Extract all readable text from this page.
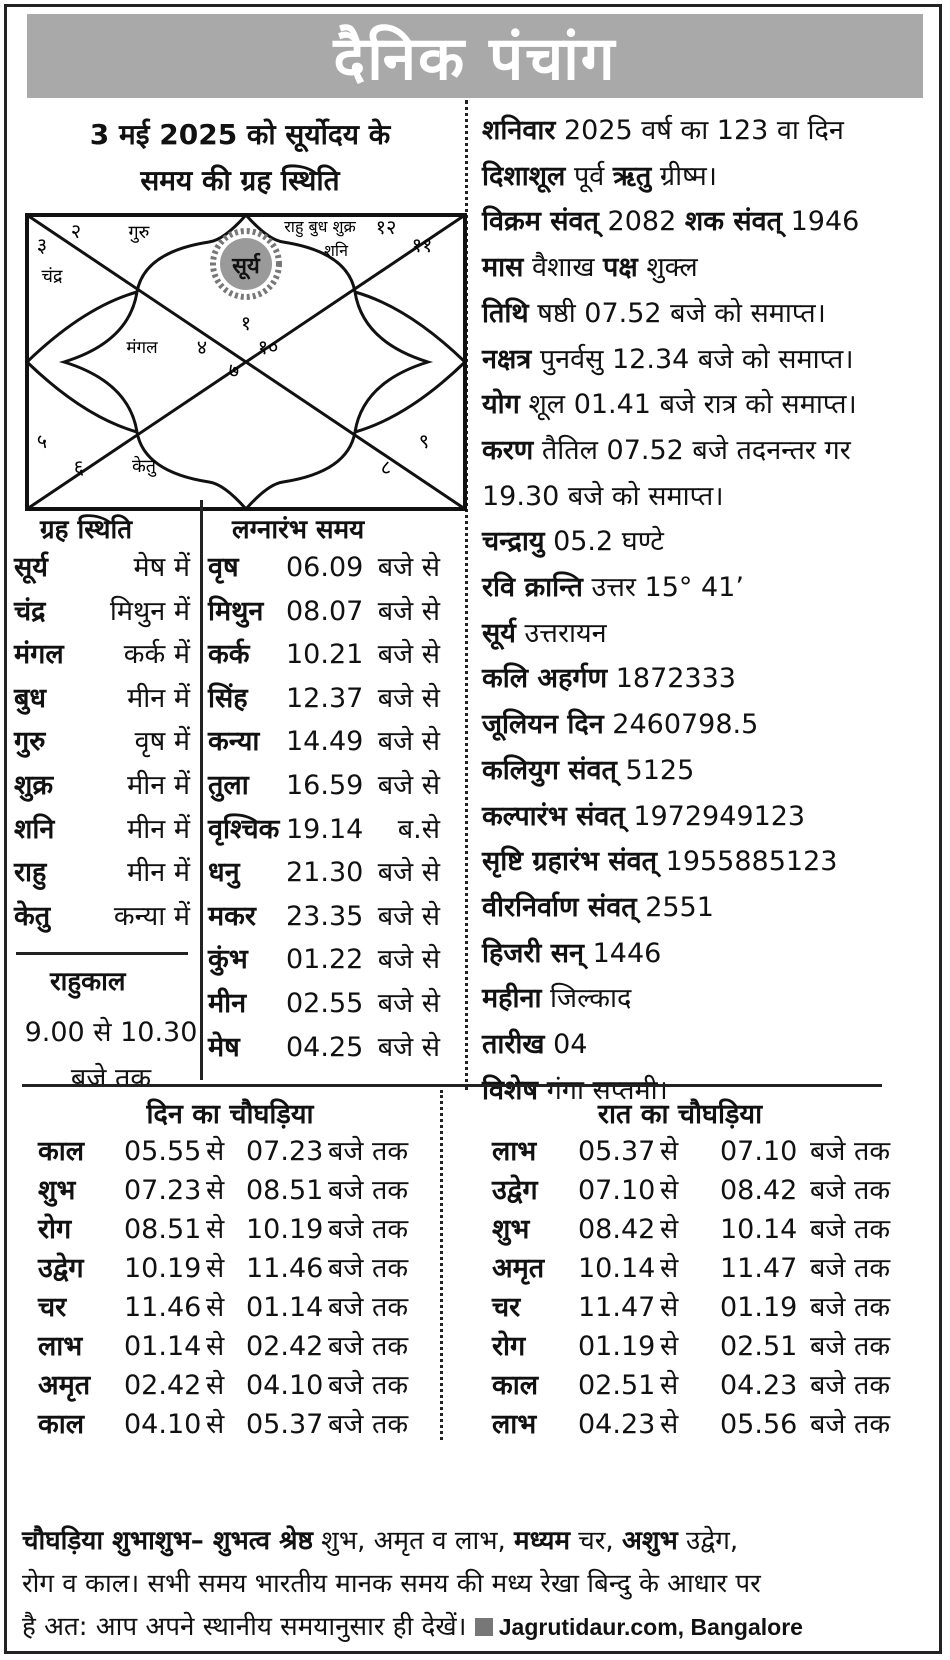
दैनिक पंचांग
3 मई 2025 को सूर्योदय के
समय की ग्रह स्थिति
सूर्य
१
२
३
४
५
६
७
८
९
१०
११
१२
गुरु
चंद्र
मंगल
केतु
राहु बुध शुक्र
शनि
शनिवार 2025 वर्ष का 123 वा दिन
दिशाशूल पूर्व ऋतु ग्रीष्म।
विक्रम संवत् 2082 शक संवत् 1946
मास वैशाख पक्ष शुक्ल
तिथि षष्ठी 07.52 बजे को समाप्त।
नक्षत्र पुनर्वसु 12.34 बजे को समाप्त।
योग शूल 01.41 बजे रात्र को समाप्त।
करण तैतिल 07.52 बजे तदनन्तर गर
19.30 बजे को समाप्त।
चन्द्रायु 05.2 घण्टे
रवि क्रान्ति उत्तर 15° 41’
सूर्य उत्तरायन
कलि अहर्गण 1872333
जूलियन दिन 2460798.5
कलियुग संवत् 5125
कल्पारंभ संवत् 1972949123
सृष्टि ग्रहारंभ संवत् 1955885123
वीरनिर्वाण संवत् 2551
हिजरी सन् 1446
महीना जिल्काद
तारीख 04
विशेष गंगा सप्तमी।
ग्रह स्थिति	लग्नारंभ समय
सूर्य	मेष में
चंद्र मिथुन में
मंगल कर्क में
बुध	मीन में
गुरु	वृष में
शुक्र	मीन में
शनि	मीन में
राहु	मीन में
केतु कन्या में
वृष 06.09 बजे से
मिथुन 08.07 बजे से
कर्क 10.21 बजे से
सिंह 12.37 बजे से
कन्या 14.49 बजे से
तुला 16.59 बजे से
वृश्चिक 19.14 ब.से
धनु 21.30 बजे से
मकर 23.35 बजे से
कुंभ 01.22 बजे से
मीन 02.55 बजे से
मेष 04.25 बजे से
राहुकाल
9.00 से 10.30
बजे तक
दिन का चौघड़िया	रात का चौघड़िया
काल 05.55 से 07.23 बजे तक
शुभ 07.23 से 08.51 बजे तक
रोग 08.51 से 10.19 बजे तक
उद्वेग 10.19 से 11.46 बजे तक
चर 11.46 से 01.14 बजे तक
लाभ 01.14 से 02.42 बजे तक
अमृत 02.42 से 04.10 बजे तक
काल 04.10 से 05.37 बजे तक
लाभ 05.37 से 07.10 बजे तक
उद्वेग 07.10 से 08.42 बजे तक
शुभ 08.42 से 10.14 बजे तक
अमृत 10.14 से 11.47 बजे तक
चर 11.47 से 01.19 बजे तक
रोग 01.19 से 02.51 बजे तक
काल 02.51 से 04.23 बजे तक
लाभ 04.23 से 05.56 बजे तक
चौघड़िया शुभाशुभ– शुभत्व श्रेष्ठ शुभ, अमृत व लाभ, मध्यम चर, अशुभ उद्वेग,
रोग व काल। सभी समय भारतीय मानक समय की मध्य रेखा बिन्दु के आधार पर
है अत: आप अपने स्थानीय समयानुसार ही देखें। Jagrutidaur.com, Bangalore
